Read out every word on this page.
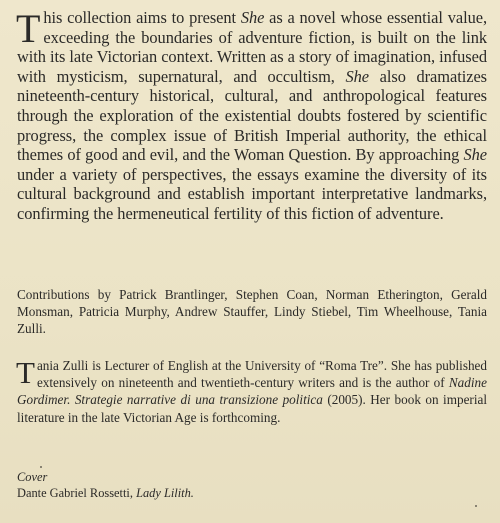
T his collection aims to present She as a novel whose essential value, exceeding the boundaries of adventure fiction, is built on the link with its late Victorian context. Written as a story of imagination, infused with mysticism, supernatural, and occultism, She also dramatizes nineteenth-century historical, cultural, and anthropological features through the exploration of the existential doubts fostered by scientific progress, the complex issue of British Imperial authority, the ethical themes of good and evil, and the Woman Question. By approaching She under a variety of perspectives, the essays examine the diversity of its cultural background and establish important interpretative landmarks, confirming the hermeneutical fertility of this fiction of adventure.
Contributions by Patrick Brantlinger, Stephen Coan, Norman Etherington, Gerald Monsman, Patricia Murphy, Andrew Stauffer, Lindy Stiebel, Tim Wheelhouse, Tania Zulli.
T ania Zulli is Lecturer of English at the University of “Roma Tre”. She has published extensively on nineteenth and twentieth-century writers and is the author of Nadine Gordimer. Strategie narrative di una transizione politica (2005). Her book on imperial literature in the late Victorian Age is forthcoming.
Cover
Dante Gabriel Rossetti, Lady Lilith.
